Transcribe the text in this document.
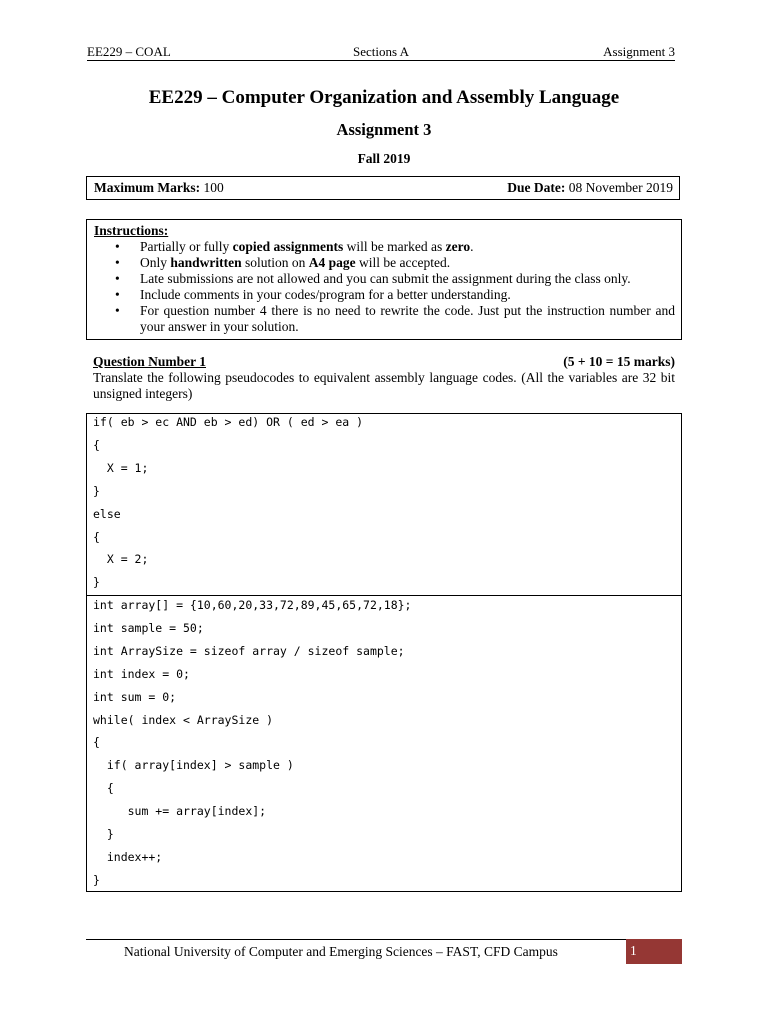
EE229 – COAL	Sections A	Assignment 3
EE229 – Computer Organization and Assembly Language
Assignment 3
Fall 2019
Maximum Marks: 100	Due Date: 08 November 2019
Instructions:
• Partially or fully copied assignments will be marked as zero.
• Only handwritten solution on A4 page will be accepted.
• Late submissions are not allowed and you can submit the assignment during the class only.
• Include comments in your codes/program for a better understanding.
• For question number 4 there is no need to rewrite the code. Just put the instruction number and your answer in your solution.
Question Number 1	(5 + 10 = 15 marks)
Translate the following pseudocodes to equivalent assembly language codes. (All the variables are 32 bit unsigned integers)
if( eb > ec AND eb > ed) OR ( ed > ea )
{
X = 1;
}
else
{
X = 2;
}
int array[] = {10,60,20,33,72,89,45,65,72,18};
int sample = 50;
int ArraySize = sizeof array / sizeof sample;
int index = 0;
int sum = 0;
while( index < ArraySize )
{
if( array[index] > sample )
{
sum += array[index];
}
index++;
}
National University of Computer and Emerging Sciences – FAST, CFD Campus	1
